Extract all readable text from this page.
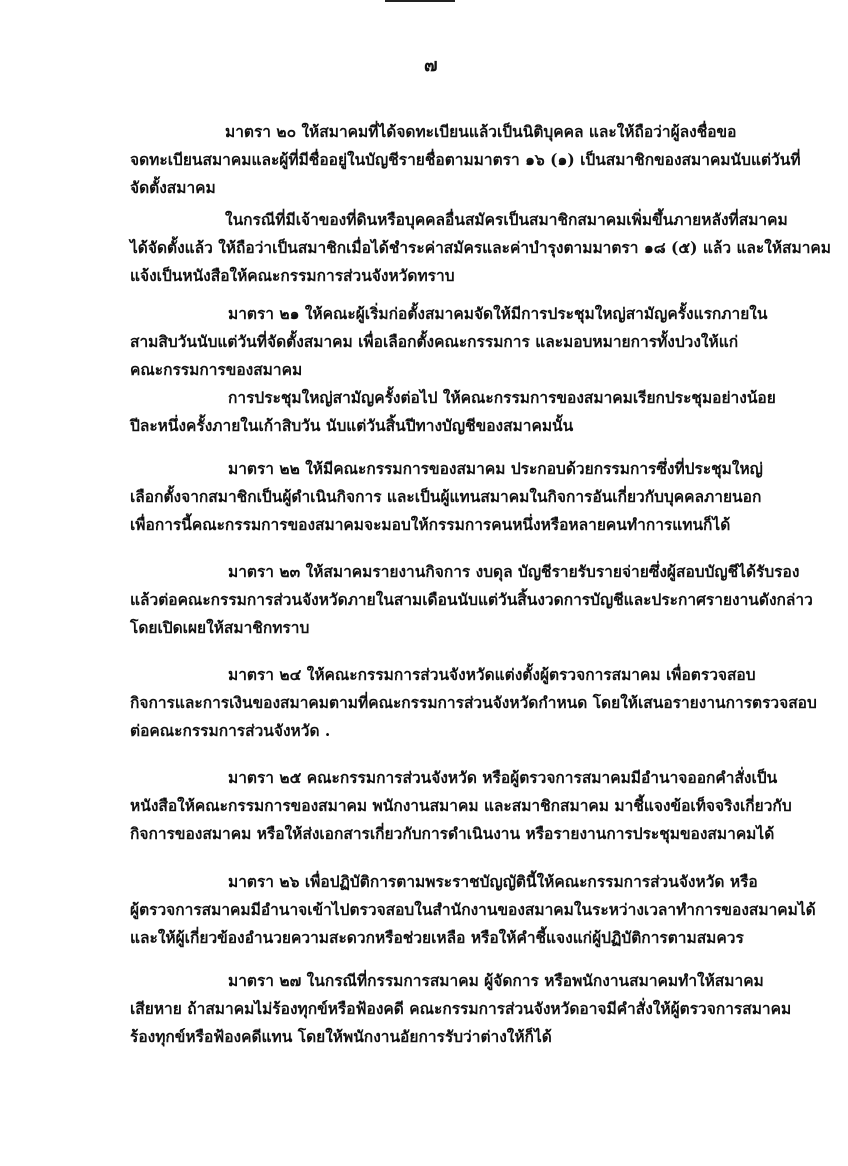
๗
มาตรา ๒๐ ให้สมาคมที่ได้จดทะเบียนแล้วเป็นนิติบุคคล และให้ถือว่าผู้ลงชื่อขอ
จดทะเบียนสมาคมและผู้ที่มีชื่ออยู่ในบัญชีรายชื่อตามมาตรา ๑๖ (๑) เป็นสมาชิกของสมาคมนับแต่วันที่
จัดตั้งสมาคม
ในกรณีที่มีเจ้าของที่ดินหรือบุคคลอื่นสมัครเป็นสมาชิกสมาคมเพิ่มขึ้นภายหลังที่สมาคม
ได้จัดตั้งแล้ว ให้ถือว่าเป็นสมาชิกเมื่อได้ชำระค่าสมัครและค่าบำรุงตามมาตรา ๑๘ (๕) แล้ว และให้สมาคม
แจ้งเป็นหนังสือให้คณะกรรมการส่วนจังหวัดทราบ
มาตรา ๒๑ ให้คณะผู้เริ่มก่อตั้งสมาคมจัดให้มีการประชุมใหญ่สามัญครั้งแรกภายใน
สามสิบวันนับแต่วันที่จัดตั้งสมาคม เพื่อเลือกตั้งคณะกรรมการ และมอบหมายการทั้งปวงให้แก่
คณะกรรมการของสมาคม
การประชุมใหญ่สามัญครั้งต่อไป ให้คณะกรรมการของสมาคมเรียกประชุมอย่างน้อย
ปีละหนึ่งครั้งภายในเก้าสิบวัน นับแต่วันสิ้นปีทางบัญชีของสมาคมนั้น
มาตรา ๒๒ ให้มีคณะกรรมการของสมาคม ประกอบด้วยกรรมการซึ่งที่ประชุมใหญ่
เลือกตั้งจากสมาชิกเป็นผู้ดำเนินกิจการ และเป็นผู้แทนสมาคมในกิจการอันเกี่ยวกับบุคคลภายนอก
เพื่อการนี้คณะกรรมการของสมาคมจะมอบให้กรรมการคนหนึ่งหรือหลายคนทำการแทนก็ได้
มาตรา ๒๓ ให้สมาคมรายงานกิจการ งบดุล บัญชีรายรับรายจ่ายซึ่งผู้สอบบัญชีได้รับรอง
แล้วต่อคณะกรรมการส่วนจังหวัดภายในสามเดือนนับแต่วันสิ้นงวดการบัญชีและประกาศรายงานดังกล่าว
โดยเปิดเผยให้สมาชิกทราบ
มาตรา ๒๔ ให้คณะกรรมการส่วนจังหวัดแต่งตั้งผู้ตรวจการสมาคม เพื่อตรวจสอบ
กิจการและการเงินของสมาคมตามที่คณะกรรมการส่วนจังหวัดกำหนด โดยให้เสนอรายงานการตรวจสอบ
ต่อคณะกรรมการส่วนจังหวัด .
มาตรา ๒๕ คณะกรรมการส่วนจังหวัด หรือผู้ตรวจการสมาคมมีอำนาจออกคำสั่งเป็น
หนังสือให้คณะกรรมการของสมาคม พนักงานสมาคม และสมาชิกสมาคม มาชี้แจงข้อเท็จจริงเกี่ยวกับ
กิจการของสมาคม หรือให้ส่งเอกสารเกี่ยวกับการดำเนินงาน หรือรายงานการประชุมของสมาคมได้
มาตรา ๒๖ เพื่อปฏิบัติการตามพระราชบัญญัตินี้ให้คณะกรรมการส่วนจังหวัด หรือ
ผู้ตรวจการสมาคมมีอำนาจเข้าไปตรวจสอบในสำนักงานของสมาคมในระหว่างเวลาทำการของสมาคมได้
และให้ผู้เกี่ยวข้องอำนวยความสะดวกหรือช่วยเหลือ หรือให้คำชี้แจงแก่ผู้ปฏิบัติการตามสมควร
มาตรา ๒๗ ในกรณีที่กรรมการสมาคม ผู้จัดการ หรือพนักงานสมาคมทำให้สมาคม
เสียหาย ถ้าสมาคมไม่ร้องทุกข์หรือฟ้องคดี คณะกรรมการส่วนจังหวัดอาจมีคำสั่งให้ผู้ตรวจการสมาคม
ร้องทุกข์หรือฟ้องคดีแทน โดยให้พนักงานอัยการรับว่าต่างให้ก็ได้
